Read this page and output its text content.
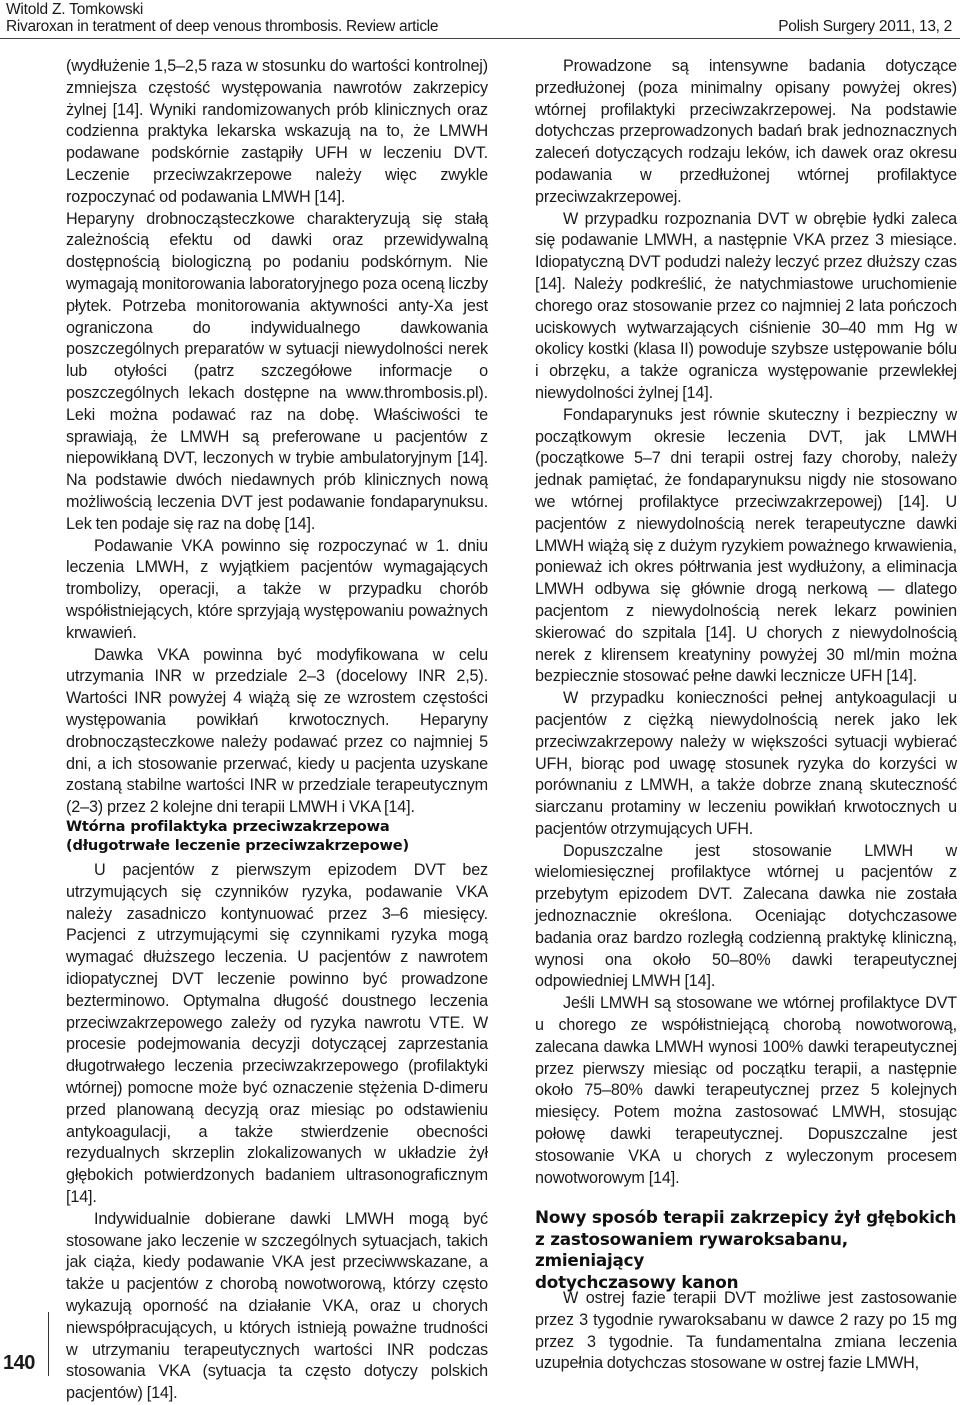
Witold Z. Tomkowski
Rivaroxan in teratment of deep venous thrombosis. Review article	Polish Surgery 2011, 13, 2
140

(wydłużenie 1,5–2,5 raza w stosunku do wartości kontrolnej) zmniejsza częstość występowania nawrotów zakrzepicy żylnej [14]. Wyniki randomizowanych prób klinicznych oraz codzienna praktyka lekarska wskazują na to, że LMWH podawane podskórnie zastąpiły UFH w leczeniu DVT. Leczenie przeciwzakrzepowe należy więc zwykle rozpoczynać od podawania LMWH [14].

Heparyny drobnocząsteczkowe charakteryzują się stałą zależnością efektu od dawki oraz przewidywalną dostępnością biologiczną po podaniu podskórnym. Nie wymagają monitorowania laboratoryjnego poza oceną liczby płytek. Potrzeba monitorowania aktywności anty-Xa jest ograniczona do indywidualnego dawkowania poszczególnych preparatów w sytuacji niewydolności nerek lub otyłości (patrz szczegółowe informacje o poszczególnych lekach dostępne na www.thrombosis.pl). Leki można podawać raz na dobę. Właściwości te sprawiają, że LMWH są preferowane u pacjentów z niepowikłaną DVT, leczonych w trybie ambulatoryjnym [14]. Na podstawie dwóch niedawnych prób klinicznych nową możliwością leczenia DVT jest podawanie fondaparynuksu. Lek ten podaje się raz na dobę [14].

Podawanie VKA powinno się rozpoczynać w 1. dniu leczenia LMWH, z wyjątkiem pacjentów wymagających trombolizy, operacji, a także w przypadku chorób współistniejących, które sprzyjają występowaniu poważnych krwawień.

Dawka VKA powinna być modyfikowana w celu utrzymania INR w przedziale 2–3 (docelowy INR 2,5). Wartości INR powyżej 4 wiążą się ze wzrostem częstości występowania powikłań krwotocznych. Heparyny drobnocząsteczkowe należy podawać przez co najmniej 5 dni, a ich stosowanie przerwać, kiedy u pacjenta uzyskane zostaną stabilne wartości INR w przedziale terapeutycznym (2–3) przez 2 kolejne dni terapii LMWH i VKA [14].

Wtórna profilaktyka przeciwzakrzepowa
(długotrwałe leczenie przeciwzakrzepowe)

U pacjentów z pierwszym epizodem DVT bez utrzymujących się czynników ryzyka, podawanie VKA należy zasadniczo kontynuować przez 3–6 miesięcy. Pacjenci z utrzymującymi się czynnikami ryzyka mogą wymagać dłuższego leczenia. U pacjentów z nawrotem idiopatycznej DVT leczenie powinno być prowadzone bezterminowo. Optymalna długość doustnego leczenia przeciwzakrzepowego zależy od ryzyka nawrotu VTE. W procesie podejmowania decyzji dotyczącej zaprzestania długotrwałego leczenia przeciwzakrzepowego (profilaktyki wtórnej) pomocne może być oznaczenie stężenia D-dimeru przed planowaną decyzją oraz miesiąc po odstawieniu antykoagulacji, a także stwierdzenie obecności rezydualnych skrzeplin zlokalizowanych w układzie żył głębokich potwierdzonych badaniem ultrasonograficznym [14].

Indywidualnie dobierane dawki LMWH mogą być stosowane jako leczenie w szczególnych sytuacjach, takich jak ciąża, kiedy podawanie VKA jest przeciwwskazane, a także u pacjentów z chorobą nowotworową, którzy często wykazują oporność na działanie VKA, oraz u chorych niewspółpracujących, u których istnieją poważne trudności w utrzymaniu terapeutycznych wartości INR podczas stosowania VKA (sytuacja ta często dotyczy polskich pacjentów) [14].

Prowadzone są intensywne badania dotyczące przedłużonej (poza minimalny opisany powyżej okres) wtórnej profilaktyki przeciwzakrzepowej. Na podstawie dotychczas przeprowadzonych badań brak jednoznacznych zaleceń dotyczących rodzaju leków, ich dawek oraz okresu podawania w przedłużonej wtórnej profilaktyce przeciwzakrzepowej.

W przypadku rozpoznania DVT w obrębie łydki zaleca się podawanie LMWH, a następnie VKA przez 3 miesiące. Idiopatyczną DVT podudzi należy leczyć przez dłuższy czas [14]. Należy podkreślić, że natychmiastowe uruchomienie chorego oraz stosowanie przez co najmniej 2 lata pończoch uciskowych wytwarzających ciśnienie 30–40 mm Hg w okolicy kostki (klasa II) powoduje szybsze ustępowanie bólu i obrzęku, a także ogranicza występowanie przewlekłej niewydolności żylnej [14].

Fondaparynuks jest równie skuteczny i bezpieczny w początkowym okresie leczenia DVT, jak LMWH (początkowe 5–7 dni terapii ostrej fazy choroby, należy jednak pamiętać, że fondaparynuksu nigdy nie stosowano we wtórnej profilaktyce przeciwzakrzepowej) [14]. U pacjentów z niewydolnością nerek terapeutyczne dawki LMWH wiążą się z dużym ryzykiem poważnego krwawienia, ponieważ ich okres półtrwania jest wydłużony, a eliminacja LMWH odbywa się głównie drogą nerkową — dlatego pacjentom z niewydolnością nerek lekarz powinien skierować do szpitala [14]. U chorych z niewydolnością nerek z klirensem kreatyniny powyżej 30 ml/min można bezpiecznie stosować pełne dawki lecznicze UFH [14].

W przypadku konieczności pełnej antykoagulacji u pacjentów z ciężką niewydolnością nerek jako lek przeciwzakrzepowy należy w większości sytuacji wybierać UFH, biorąc pod uwagę stosunek ryzyka do korzyści w porównaniu z LMWH, a także dobrze znaną skuteczność siarczanu protaminy w leczeniu powikłań krwotocznych u pacjentów otrzymujących UFH.

Dopuszczalne jest stosowanie LMWH w wielomiesięcznej profilaktyce wtórnej u pacjentów z przebytym epizodem DVT. Zalecana dawka nie została jednoznacznie określona. Oceniając dotychczasowe badania oraz bardzo rozległą codzienną praktykę kliniczną, wynosi ona około 50–80% dawki terapeutycznej odpowiedniej LMWH [14].

Jeśli LMWH są stosowane we wtórnej profilaktyce DVT u chorego ze współistniejącą chorobą nowotworową, zalecana dawka LMWH wynosi 100% dawki terapeutycznej przez pierwszy miesiąc od początku terapii, a następnie około 75–80% dawki terapeutycznej przez 5 kolejnych miesięcy. Potem można zastosować LMWH, stosując połowę dawki terapeutycznej. Dopuszczalne jest stosowanie VKA u chorych z wyleczonym procesem nowotworowym [14].

Nowy sposób terapii zakrzepicy żył głębokich
z zastosowaniem rywaroksabanu, zmieniający
dotychczasowy kanon

W ostrej fazie terapii DVT możliwe jest zastosowanie przez 3 tygodnie rywaroksabanu w dawce 2 razy po 15 mg przez 3 tygodnie. Ta fundamentalna zmiana leczenia uzupełnia dotychczas stosowane w ostrej fazie LMWH,
